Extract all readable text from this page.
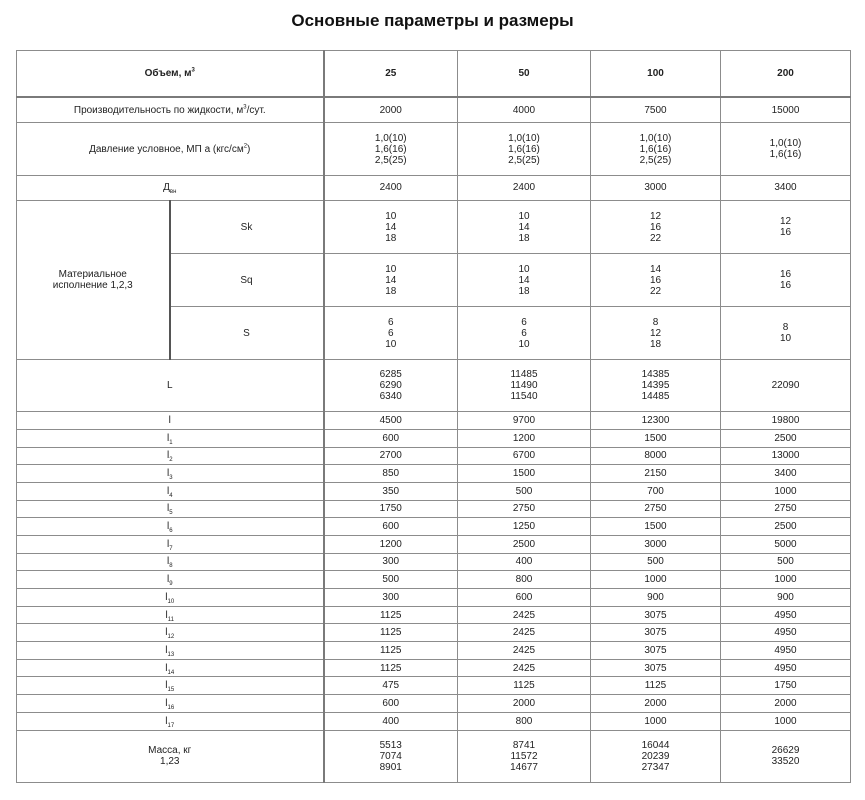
Основные параметры и размеры
Объем, $м^3$		25	50	100	200
Производительность по жидкости, $м^3$/сут.		2000	4000	7500	15000
Давление условное, МП а $(кгс/см^2)$		1,0(10)
1,6(16)
2,5(25)	1,0(10)
1,6(16)
2,5(25)	1,0(10)
1,6(16)
2,5(25)	1,0(10)
1,6(16)
$Д_{вн}$		2400	2400	3000	3400
Материальное
исполнение 1,2,3	Sk	10
14
18	10
14
18	12
16
22	12
16
	Sq	10
14
18	10
14
18	14
16
22	16
16
	S	6
6
10	6
6
10	8
12
18	8
10
L		6285
6290
6340	11485
11490
11540	14385
14395
14485	22090
l		4500	9700	12300	19800
$l_1$		600	1200	1500	2500
$l_2$		2700	6700	8000	13000
$l_3$		850	1500	2150	3400
$l_4$		350	500	700	1000
$l_5$		1750	2750	2750	2750
$l_6$		600	1250	1500	2500
$l_7$		1200	2500	3000	5000
$l_8$		300	400	500	500
$l_9$		500	800	1000	1000
$l_{10}$		300	600	900	900
$l_{11}$		1125	2425	3075	4950
$l_{12}$		1125	2425	3075	4950
$l_{13}$		1125	2425	3075	4950
$l_{14}$		1125	2425	3075	4950
$l_{15}$		475	1125	1125	1750
$l_{16}$		600	2000	2000	2000
$l_{17}$		400	800	1000	1000
Масса, кг
1,23		5513
7074
8901	8741
11572
14677	16044
20239
27347	26629
33520
